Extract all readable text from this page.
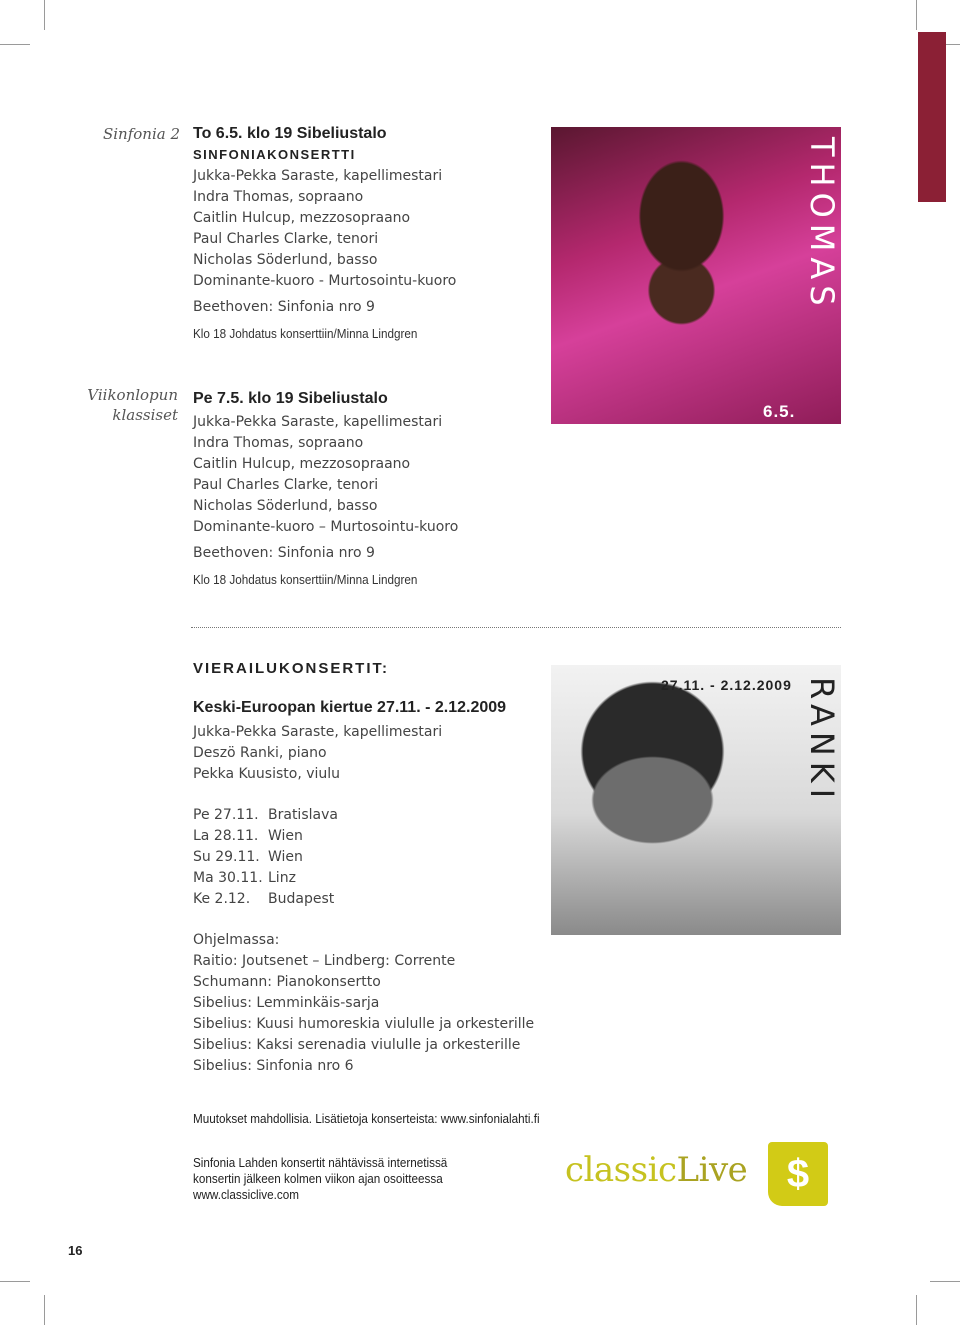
Sinfonia 2 To 6.5. klo 19 Sibeliustalo
SINFONIAKONSERTTI
Jukka-Pekka Saraste, kapellimestari
Indra Thomas, sopraano
Caitlin Hulcup, mezzosopraano
Paul Charles Clarke, tenori
Nicholas Söderlund, basso
Dominante-kuoro - Murtosointu-kuoro
Beethoven: Sinfonia nro 9
Klo 18 Johdatus konserttiin/Minna Lindgren
6.5.
7.5.
THOMAS
Viikonlopun
klassiset
Pe 7.5. klo 19 Sibeliustalo
Jukka-Pekka Saraste, kapellimestari
Indra Thomas, sopraano
Caitlin Hulcup, mezzosopraano
Paul Charles Clarke, tenori
Nicholas Söderlund, basso
Dominante-kuoro – Murtosointu-kuoro
Beethoven: Sinfonia nro 9
Klo 18 Johdatus konserttiin/Minna Lindgren
VIERAILUKONSERTIT:
Keski-Euroopan kiertue 27.11. - 2.12.2009
Jukka-Pekka Saraste, kapellimestari
Deszö Ranki, piano
Pekka Kuusisto, viulu
Pe 27.11. Bratislava
La 28.11. Wien
Su 29.11. Wien
Ma 30.11. Linz
Ke 2.12.	Budapest
Ohjelmassa:
Raitio: Joutsenet – Lindberg: Corrente
Schumann: Pianokonsertto
Sibelius: Lemminkäis-sarja
Sibelius: Kuusi humoreskia viululle ja orkesterille
Sibelius: Kaksi serenadia viululle ja orkesterille
Sibelius: Sinfonia nro 6
27.11. - 2.12.2009 RANKI
Muutokset mahdollisia. Lisätietoja konserteista: www.sinfonialahti.fi
Sinfonia Lahden konsertit nähtävissä internetissä
konsertin jälkeen kolmen viikon ajan osoitteessa
www.classiclive.com
classicLive $
16
